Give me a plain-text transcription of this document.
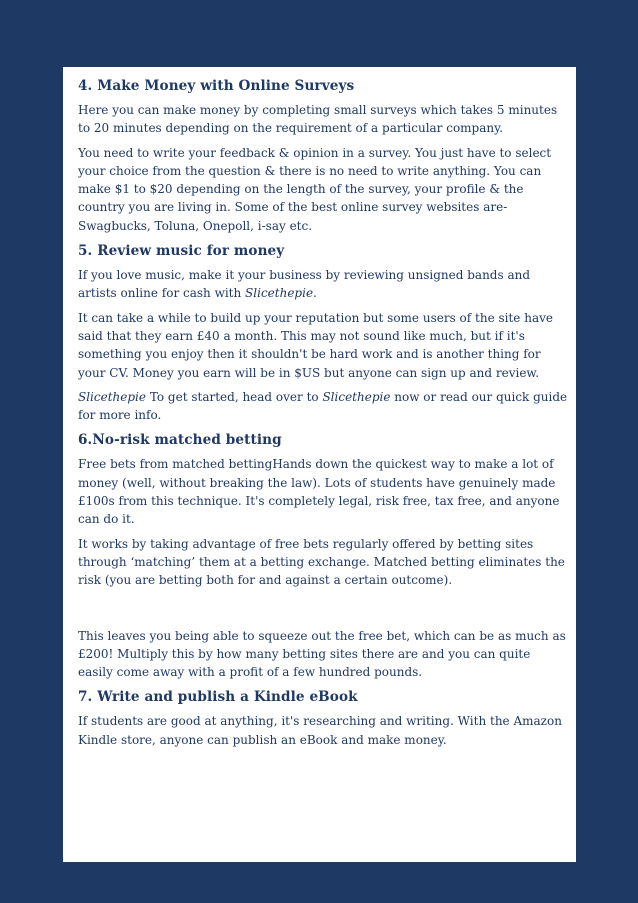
4. Make Money with Online Surveys

Here you can make money by completing small surveys which takes 5 minutes to 20 minutes depending on the requirement of a particular company.

You need to write your feedback & opinion in a survey. You just have to select your choice from the question & there is no need to write anything. You can make $1 to $20 depending on the length of the survey, your profile & the country you are living in. Some of the best online survey websites are- Swagbucks, Toluna, Onepoll, i-say etc.

5. Review music for money

If you love music, make it your business by reviewing unsigned bands and artists online for cash with Slicethepie.

It can take a while to build up your reputation but some users of the site have said that they earn £40 a month. This may not sound like much, but if it's something you enjoy then it shouldn't be hard work and is another thing for your CV. Money you earn will be in $US but anyone can sign up and review.

Slicethepie To get started, head over to Slicethepie now or read our quick guide for more info.

6.No-risk matched betting

Free bets from matched bettingHands down the quickest way to make a lot of money (well, without breaking the law). Lots of students have genuinely made £100s from this technique. It's completely legal, risk free, tax free, and anyone can do it.

It works by taking advantage of free bets regularly offered by betting sites through ‘matching’ them at a betting exchange. Matched betting eliminates the risk (you are betting both for and against a certain outcome).

This leaves you being able to squeeze out the free bet, which can be as much as £200! Multiply this by how many betting sites there are and you can quite easily come away with a profit of a few hundred pounds.

7. Write and publish a Kindle eBook

If students are good at anything, it's researching and writing. With the Amazon Kindle store, anyone can publish an eBook and make money.
